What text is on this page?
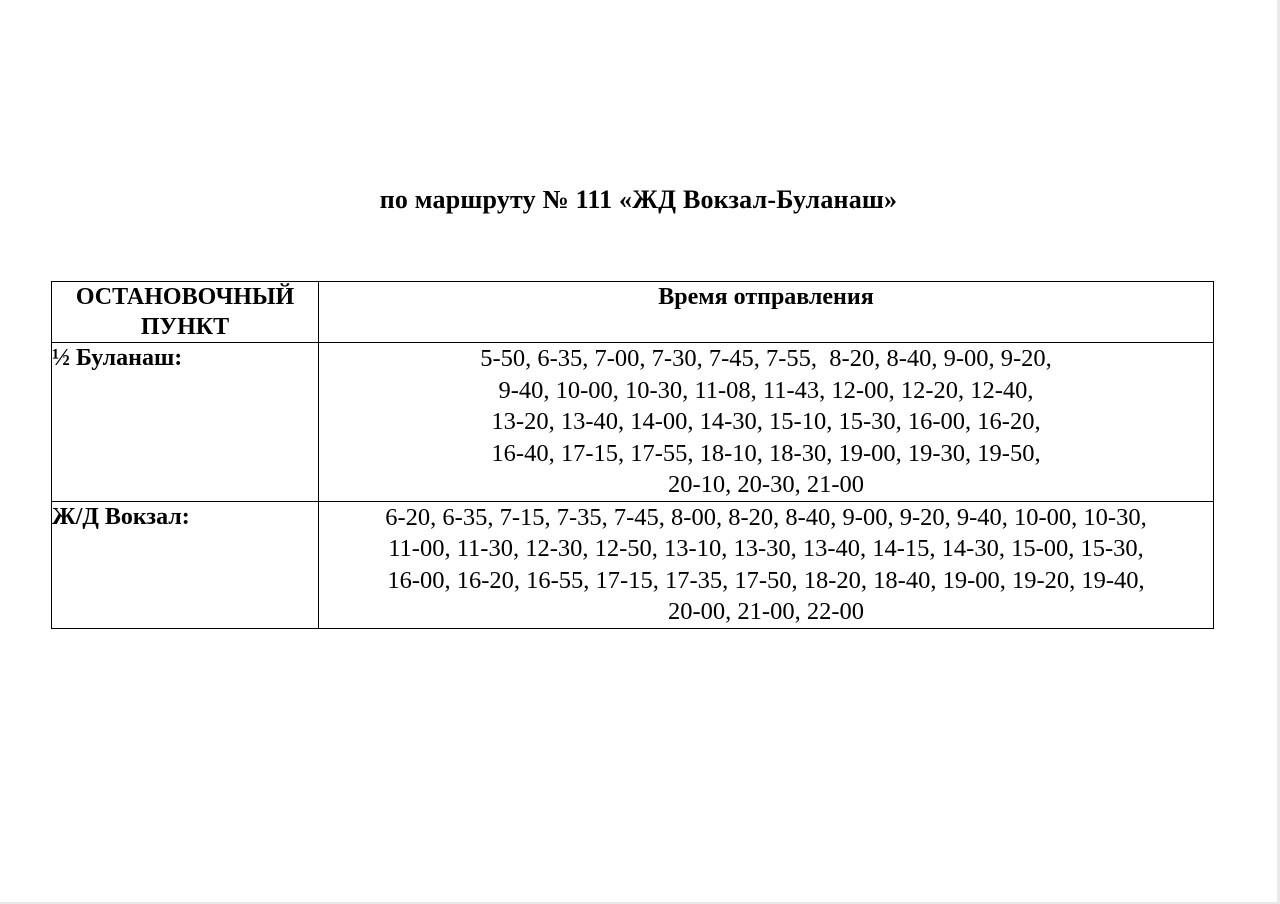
по маршруту № 111 «ЖД Вокзал-Буланаш»
ОСТАНОВОЧНЫЙ
ПУНКТ	Время отправления
½ Буланаш:	5-50, 6-35, 7-00, 7-30, 7-45, 7-55,  8-20, 8-40, 9-00, 9-20,
9-40, 10-00, 10-30, 11-08, 11-43, 12-00, 12-20, 12-40,
13-20, 13-40, 14-00, 14-30, 15-10, 15-30, 16-00, 16-20,
16-40, 17-15, 17-55, 18-10, 18-30, 19-00, 19-30, 19-50,
20-10, 20-30, 21-00

Ж/Д Вокзал:	6-20, 6-35, 7-15, 7-35, 7-45, 8-00, 8-20, 8-40, 9-00, 9-20, 9-40, 10-00, 10-30,
11-00, 11-30, 12-30, 12-50, 13-10, 13-30, 13-40, 14-15, 14-30, 15-00, 15-30,
16-00, 16-20, 16-55, 17-15, 17-35, 17-50, 18-20, 18-40, 19-00, 19-20, 19-40,
20-00, 21-00, 22-00
